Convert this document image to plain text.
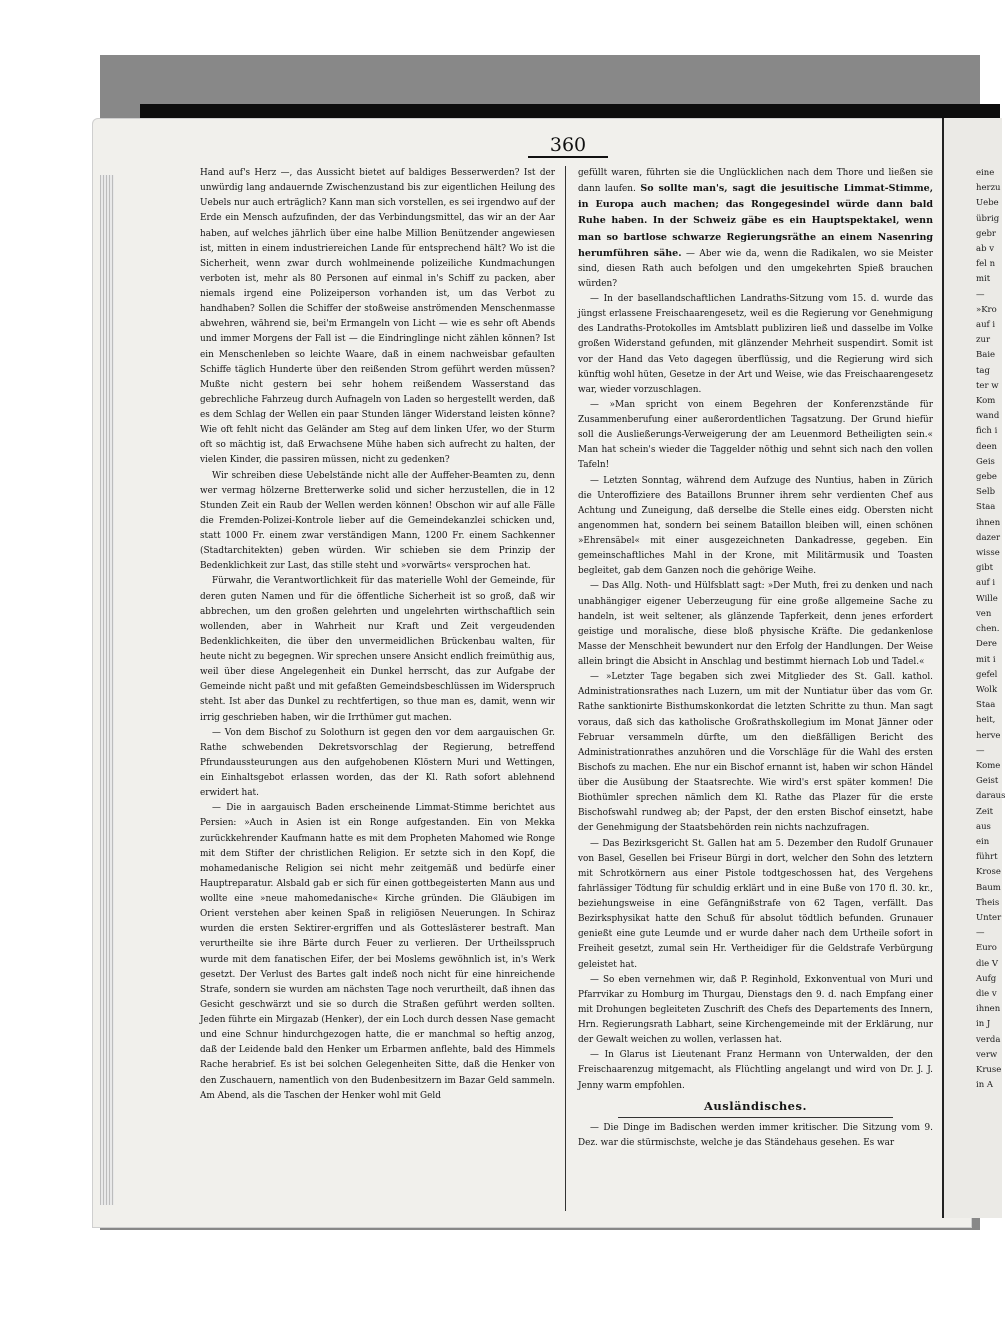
eine
herzu
Uebe
übrig
gebr
ab v
fel n
mit
—
»Kro
auf i
zur
Baie
tag
ter w
Kom
wand
fich i
deen
Geis
gebe
Selb
Staa
ihnen
dazer
wisse
gibt
auf i
Wille
ven
chen.
Dere
mit i
gefel
Wolk
Staa
heit,
herve
—
Kome
Geist
daraus
Zeit
aus
ein
führt
Krose
Baum
Theis
Unter
—
Euro
die V
Aufg
die v
ihnen
in J
verda
verw
Kruse
in A
360

Hand auf's Herz —, das Aussicht bietet auf baldiges Besserwerden? Ist der unwürdig lang andauernde Zwischenzustand bis zur eigentlichen Heilung des Uebels nur auch erträglich? Kann man sich vorstellen, es sei irgendwo auf der Erde ein Mensch aufzufinden, der das Verbindungsmittel, das wir an der Aar haben, auf welches jährlich über eine halbe Million Benützender angewiesen ist, mitten in einem industriereichen Lande für entsprechend hält? Wo ist die Sicherheit, wenn zwar durch wohlmeinende polizeiliche Kundmachungen verboten ist, mehr als 80 Personen auf einmal in's Schiff zu packen, aber niemals irgend eine Polizeiperson vorhanden ist, um das Verbot zu handhaben? Sollen die Schiffer der stoßweise anströmenden Menschenmasse abwehren, während sie, bei'm Ermangeln von Licht — wie es sehr oft Abends und immer Morgens der Fall ist — die Eindringlinge nicht zählen können? Ist ein Menschenleben so leichte Waare, daß in einem nachweisbar gefaulten Schiffe täglich Hunderte über den reißenden Strom geführt werden müssen? Mußte nicht gestern bei sehr hohem reißendem Wasserstand das gebrechliche Fahrzeug durch Aufnageln von Laden so hergestellt werden, daß es dem Schlag der Wellen ein paar Stunden länger Widerstand leisten könne? Wie oft fehlt nicht das Geländer am Steg auf dem linken Ufer, wo der Sturm oft so mächtig ist, daß Erwachsene Mühe haben sich aufrecht zu halten, der vielen Kinder, die passiren müssen, nicht zu gedenken?

Wir schreiben diese Uebelstände nicht alle der Auffeher-Beamten zu, denn wer vermag hölzerne Bretterwerke solid und sicher herzustellen, die in 12 Stunden Zeit ein Raub der Wellen werden können! Obschon wir auf alle Fälle die Fremden-Polizei-Kontrole lieber auf die Gemeindekanzlei schicken und, statt 1000 Fr. einem zwar verständigen Mann, 1200 Fr. einem Sachkenner (Stadtarchitekten) geben würden. Wir schieben sie dem Prinzip der Bedenklichkeit zur Last, das stille steht und »vorwärts« versprochen hat.

Fürwahr, die Verantwortlichkeit für das materielle Wohl der Gemeinde, für deren guten Namen und für die öffentliche Sicherheit ist so groß, daß wir abbrechen, um den großen gelehrten und ungelehrten wirthschaftlich sein wollenden, aber in Wahrheit nur Kraft und Zeit vergeudenden Bedenklichkeiten, die über den unvermeidlichen Brückenbau walten, für heute nicht zu begegnen. Wir sprechen unsere Ansicht endlich freimüthig aus, weil über diese Angelegenheit ein Dunkel herrscht, das zur Aufgabe der Gemeinde nicht paßt und mit gefaßten Gemeindsbeschlüssen im Widerspruch steht. Ist aber das Dunkel zu rechtfertigen, so thue man es, damit, wenn wir irrig geschrieben haben, wir die Irrthümer gut machen.

— Von dem Bischof zu Solothurn ist gegen den vor dem aargauischen Gr. Rathe schwebenden Dekretsvorschlag der Regierung, betreffend Pfrundaussteurungen aus den aufgehobenen Klöstern Muri und Wettingen, ein Einhaltsgebot erlassen worden, das der Kl. Rath sofort ablehnend erwidert hat.

— Die in aargauisch Baden erscheinende Limmat-Stimme berichtet aus Persien: »Auch in Asien ist ein Ronge aufgestanden. Ein von Mekka zurückkehrender Kaufmann hatte es mit dem Propheten Mahomed wie Ronge mit dem Stifter der christlichen Religion. Er setzte sich in den Kopf, die mohamedanische Religion sei nicht mehr zeitgemäß und bedürfe einer Hauptreparatur. Alsbald gab er sich für einen gottbegeisterten Mann aus und wollte eine »neue mahomedanische« Kirche gründen. Die Gläubigen im Orient verstehen aber keinen Spaß in religiösen Neuerungen. In Schiraz wurden die ersten Sektirer-ergriffen und als Gotteslästerer bestraft. Man verurtheilte sie ihre Bärte durch Feuer zu verlieren. Der Urtheilsspruch wurde mit dem fanatischen Eifer, der bei Moslems gewöhnlich ist, in's Werk gesetzt. Der Verlust des Bartes galt indeß noch nicht für eine hinreichende Strafe, sondern sie wurden am nächsten Tage noch verurtheilt, daß ihnen das Gesicht geschwärzt und sie so durch die Straßen geführt werden sollten. Jeden führte ein Mirgazab (Henker), der ein Loch durch dessen Nase gemacht und eine Schnur hindurchgezogen hatte, die er manchmal so heftig anzog, daß der Leidende bald den Henker um Erbarmen anflehte, bald des Himmels Rache herabrief. Es ist bei solchen Gelegenheiten Sitte, daß die Henker von den Zuschauern, namentlich von den Budenbesitzern im Bazar Geld sammeln. Am Abend, als die Taschen der Henker wohl mit Geld

gefüllt waren, führten sie die Unglücklichen nach dem Thore und ließen sie dann laufen. So sollte man's, sagt die jesuitische Limmat-Stimme, in Europa auch machen; das Rongegesindel würde dann bald Ruhe haben. In der Schweiz gäbe es ein Hauptspektakel, wenn man so bartlose schwarze Regierungsräthe an einem Nasenring herumführen sähe. — Aber wie da, wenn die Radikalen, wo sie Meister sind, diesen Rath auch befolgen und den umgekehrten Spieß brauchen würden?

— In der basellandschaftlichen Landraths-Sitzung vom 15. d. wurde das jüngst erlassene Freischaarengesetz, weil es die Regierung vor Genehmigung des Landraths-Protokolles im Amtsblatt publiziren ließ und dasselbe im Volke großen Widerstand gefunden, mit glänzender Mehrheit suspendirt. Somit ist vor der Hand das Veto dagegen überflüssig, und die Regierung wird sich künftig wohl hüten, Gesetze in der Art und Weise, wie das Freischaarengesetz war, wieder vorzuschlagen.

— »Man spricht von einem Begehren der Konferenzstände für Zusammenberufung einer außerordentlichen Tagsatzung. Der Grund hiefür soll die Ausließerungs-Verweigerung der am Leuenmord Betheiligten sein.« Man hat schein's wieder die Taggelder nöthig und sehnt sich nach den vollen Tafeln!

— Letzten Sonntag, während dem Aufzuge des Nuntius, haben in Zürich die Unteroffiziere des Bataillons Brunner ihrem sehr verdienten Chef aus Achtung und Zuneigung, daß derselbe die Stelle eines eidg. Obersten nicht angenommen hat, sondern bei seinem Bataillon bleiben will, einen schönen »Ehrensäbel« mit einer ausgezeichneten Dankadresse, gegeben. Ein gemeinschaftliches Mahl in der Krone, mit Militärmusik und Toasten begleitet, gab dem Ganzen noch die gehörige Weihe.

— Das Allg. Noth- und Hülfsblatt sagt: »Der Muth, frei zu denken und nach unabhängiger eigener Ueberzeugung für eine große allgemeine Sache zu handeln, ist weit seltener, als glänzende Tapferkeit, denn jenes erfordert geistige und moralische, diese bloß physische Kräfte. Die gedankenlose Masse der Menschheit bewundert nur den Erfolg der Handlungen. Der Weise allein bringt die Absicht in Anschlag und bestimmt hiernach Lob und Tadel.«

— »Letzter Tage begaben sich zwei Mitglieder des St. Gall. kathol. Administrationsrathes nach Luzern, um mit der Nuntiatur über das vom Gr. Rathe sanktionirte Bisthumskonkordat die letzten Schritte zu thun. Man sagt voraus, daß sich das katholische Großrathskollegium im Monat Jänner oder Februar versammeln dürfte, um den dießfälligen Bericht des Administrationrathes anzuhören und die Vorschläge für die Wahl des ersten Bischofs zu machen. Ehe nur ein Bischof ernannt ist, haben wir schon Händel über die Ausübung der Staatsrechte. Wie wird's erst später kommen! Die Biothümler sprechen nämlich dem Kl. Rathe das Plazer für die erste Bischofswahl rundweg ab; der Papst, der den ersten Bischof einsetzt, habe der Genehmigung der Staatsbehörden rein nichts nachzufragen.

— Das Bezirksgericht St. Gallen hat am 5. Dezember den Rudolf Grunauer von Basel, Gesellen bei Friseur Bürgi in dort, welcher den Sohn des letztern mit Schrotkörnern aus einer Pistole todtgeschossen hat, des Vergehens fahrlässiger Tödtung für schuldig erklärt und in eine Buße von 170 fl. 30. kr., beziehungsweise in eine Gefängnißstrafe von 62 Tagen, verfällt. Das Bezirksphysikat hatte den Schuß für absolut tödtlich befunden. Grunauer genießt eine gute Leumde und er wurde daher nach dem Urtheile sofort in Freiheit gesetzt, zumal sein Hr. Vertheidiger für die Geldstrafe Verbürgung geleistet hat.

— So eben vernehmen wir, daß P. Reginhold, Exkonventual von Muri und Pfarrvikar zu Homburg im Thurgau, Dienstags den 9. d. nach Empfang einer mit Drohungen begleiteten Zuschrift des Chefs des Departements des Innern, Hrn. Regierungsrath Labhart, seine Kirchengemeinde mit der Erklärung, nur der Gewalt weichen zu wollen, verlassen hat.

— In Glarus ist Lieutenant Franz Hermann von Unterwalden, der den Freischaarenzug mitgemacht, als Flüchtling angelangt und wird von Dr. J. J. Jenny warm empfohlen.

Ausländisches.

— Die Dinge im Badischen werden immer kritischer. Die Sitzung vom 9. Dez. war die stürmischste, welche je das Ständehaus gesehen. Es war
